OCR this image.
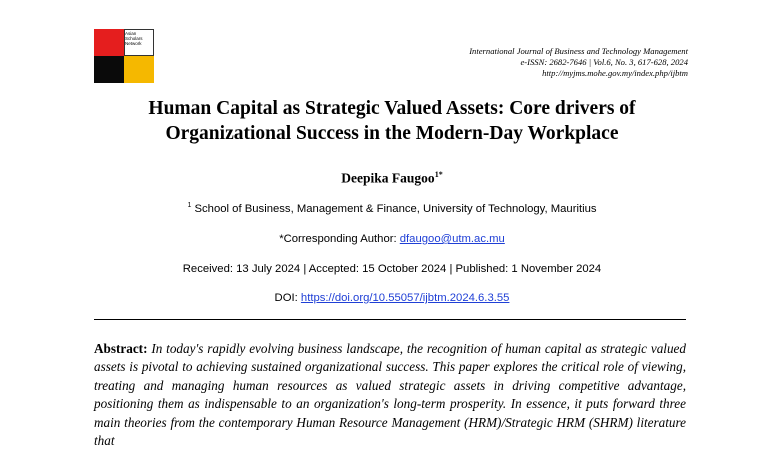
Asian Scholars Network
International Journal of Business and Technology Management
e-ISSN: 2682-7646 | Vol.6, No. 3, 617-628, 2024
http://myjms.mohe.gov.my/index.php/ijbtm
Human Capital as Strategic Valued Assets: Core drivers of
Organizational Success in the Modern-Day Workplace
Deepika Faugoo$^{1*}$
$^1$ School of Business, Management & Finance, University of Technology, Mauritius
*Corresponding Author: dfaugoo@utm.ac.mu
Received: 13 July 2024 | Accepted: 15 October 2024 | Published: 1 November 2024
DOI: https://doi.org/10.55057/ijbtm.2024.6.3.55
Abstract: In today's rapidly evolving business landscape, the recognition of human capital as strategic valued assets is pivotal to achieving sustained organizational success. This paper explores the critical role of viewing, treating and managing human resources as valued strategic assets in driving competitive advantage, positioning them as indispensable to an organization's long-term prosperity. In essence, it puts forward three main theories from the contemporary Human Resource Management (HRM)/Strategic HRM (SHRM) literature that
